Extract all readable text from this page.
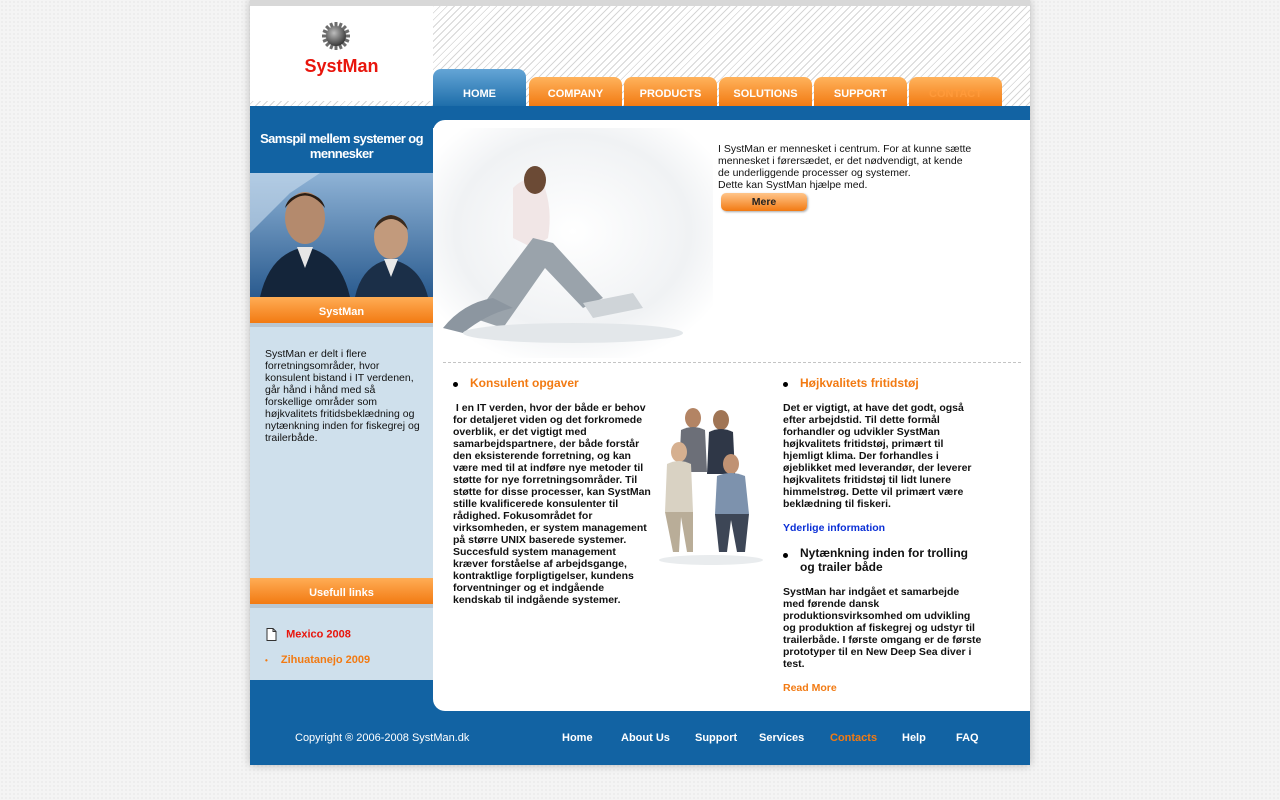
SystMan
HOME	COMPANY	PRODUCTS	SOLUTIONS	SUPPORT	CONTACT
Samspil mellem systemer og mennesker
SystMan
SystMan er delt i flere forretningsområder, hvor konsulent bistand i IT verdenen, går hånd i hånd med så forskellige områder som højkvalitets fritidsbeklædning og nytænkning inden for fiskegrej og trailerbåde.
Usefull links
Mexico 2008
• Zihuatanejo 2009
I SystMan er mennesket i centrum. For at kunne sætte mennesket i førersædet, er det nødvendigt, at kende de underliggende processer og systemer.
Dette kan SystMan hjælpe med.
Mere
Konsulent opgaver
I en IT verden, hvor der både er behov for detaljeret viden og det forkromede overblik, er det vigtigt med samarbejdspartnere, der både forstår den eksisterende forretning, og kan være med til at indføre nye metoder til støtte for nye forretningsområder. Til støtte for disse processer, kan SystMan stille kvalificerede konsulenter til rådighed. Fokusområdet for virksomheden, er system management på større UNIX baserede systemer. Succesfuld system management kræver forståelse af arbejdsgange, kontraktlige forpligtigelser, kundens forventninger og et indgående kendskab til indgående systemer.
Højkvalitets fritidstøj
Det er vigtigt, at have det godt, også efter arbejdstid. Til dette formål forhandler og udvikler SystMan højkvalitets fritidstøj, primært til hjemligt klima. Der forhandles i øjeblikket med leverandør, der leverer højkvalitets fritidstøj til lidt lunere himmelstrøg. Dette vil primært være beklædning til fiskeri.
Yderlige information
Nytænkning inden for trolling og trailer både
SystMan har indgået et samarbejde med førende dansk produktionsvirksomhed om udvikling og produktion af fiskegrej og udstyr til trailerbåde. I første omgang er de første prototyper til en New Deep Sea diver i test.
Read More
Copyright ® 2006-2008 SystMan.dk	Home	About Us Support Services Contacts Help	FAQ
